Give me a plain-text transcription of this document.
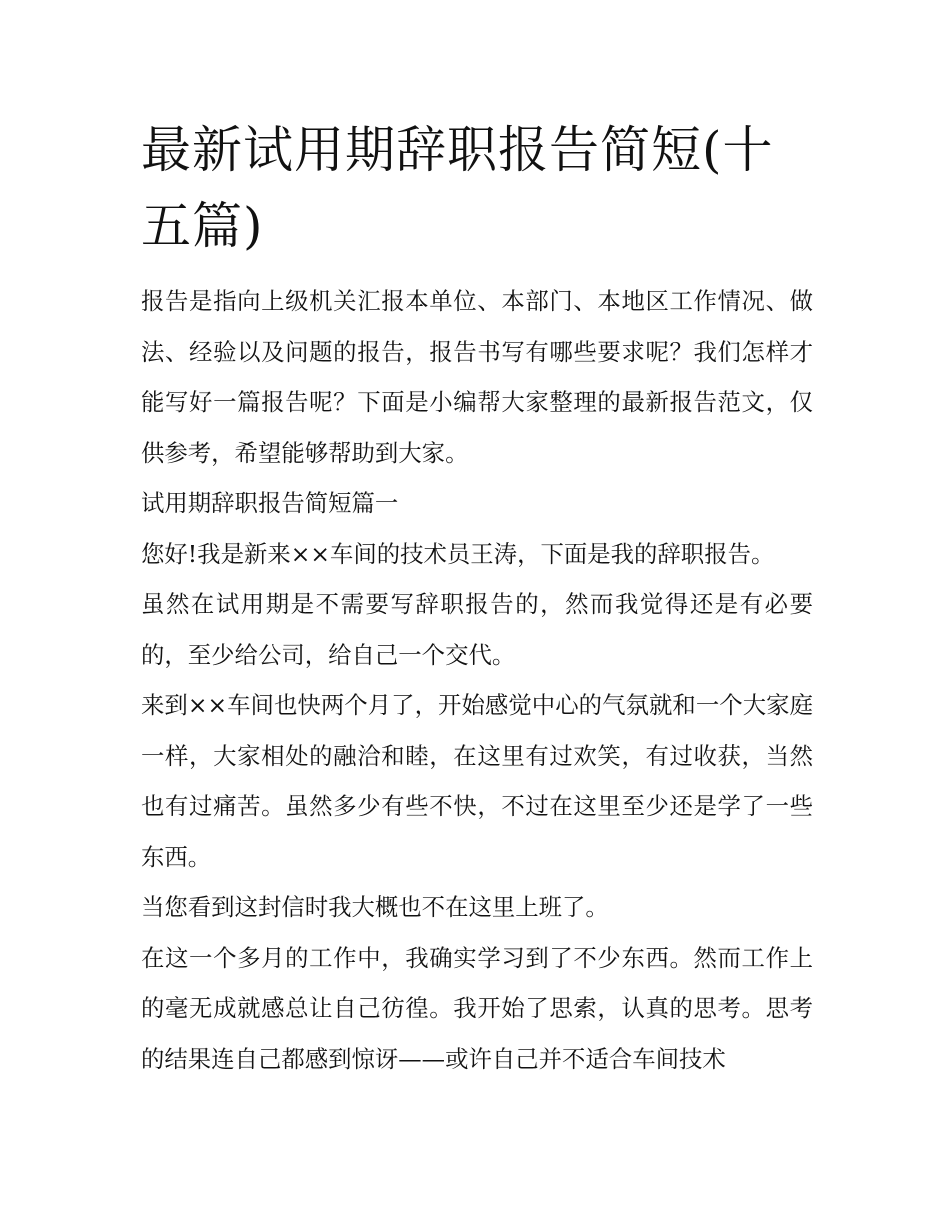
最新试用期辞职报告简短(十五篇)

报告是指向上级机关汇报本单位、本部门、本地区工作情况、做法、经验以及问题的报告，报告书写有哪些要求呢？我们怎样才能写好一篇报告呢？下面是小编帮大家整理的最新报告范文，仅供参考，希望能够帮助到大家。

试用期辞职报告简短篇一

您好!我是新来××车间的技术员王涛，下面是我的辞职报告。

虽然在试用期是不需要写辞职报告的，然而我觉得还是有必要的，至少给公司，给自己一个交代。

来到××车间也快两个月了，开始感觉中心的气氛就和一个大家庭一样，大家相处的融洽和睦，在这里有过欢笑，有过收获，当然也有过痛苦。虽然多少有些不快，不过在这里至少还是学了一些东西。

当您看到这封信时我大概也不在这里上班了。

在这一个多月的工作中，我确实学习到了不少东西。然而工作上的毫无成就感总让自己彷徨。我开始了思索，认真的思考。思考的结果连自己都感到惊讶——或许自己并不适合车间技术
